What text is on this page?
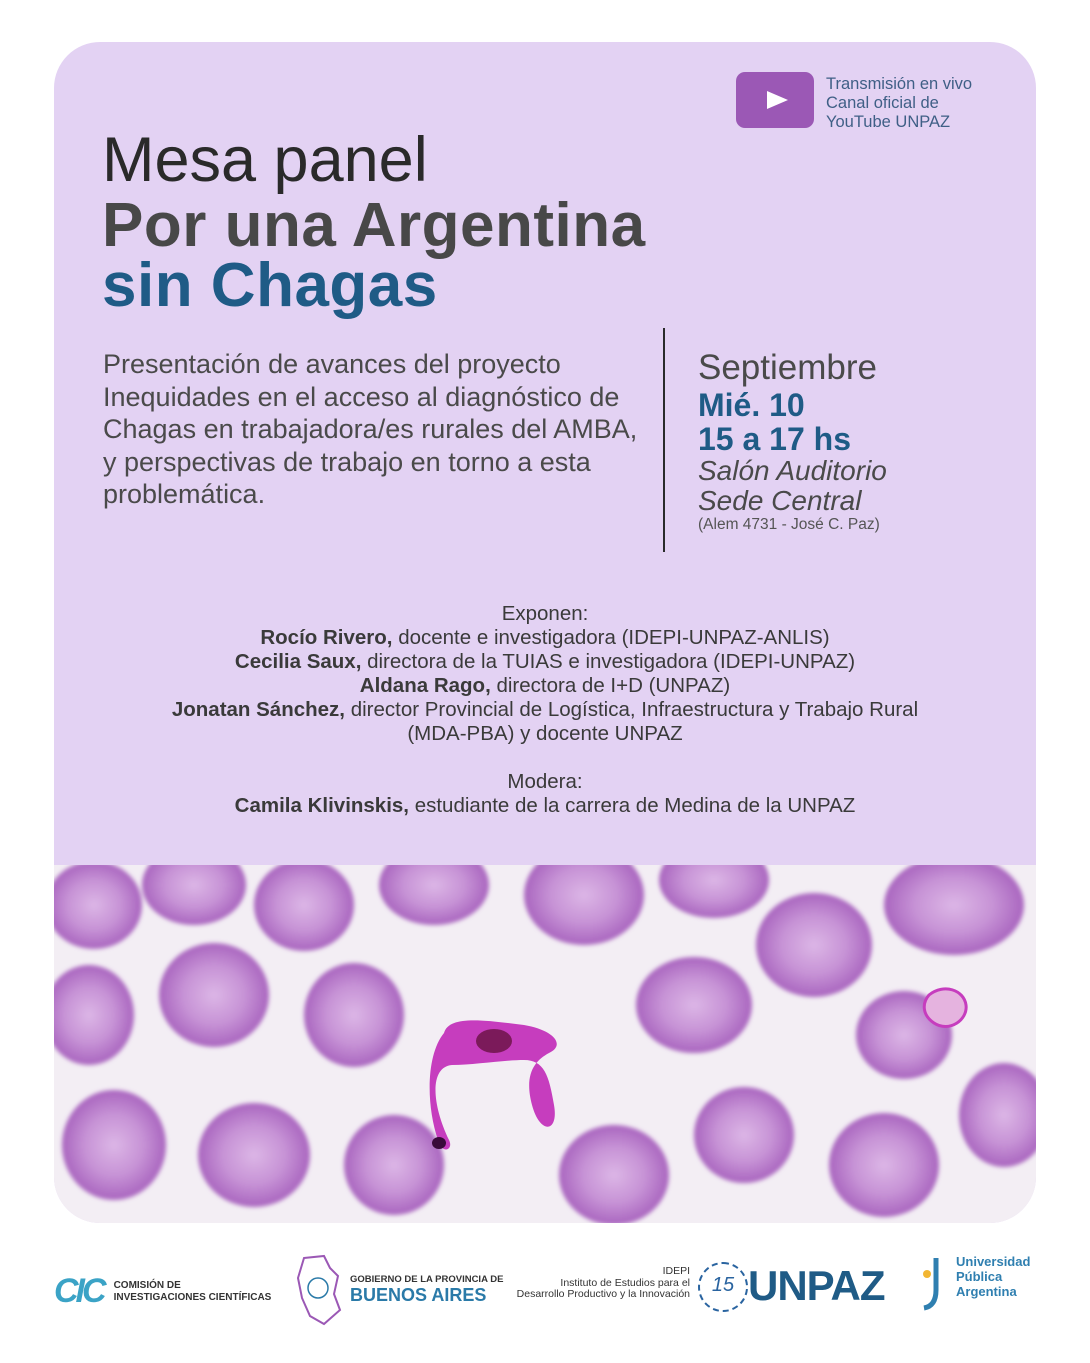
Transmisión en vivo
Canal oficial de
YouTube UNPAZ
Mesa panel
Por una Argentina
sin Chagas
Presentación de avances del proyecto Inequidades en el acceso al diagnóstico de Chagas en trabajadora/es rurales del AMBA, y perspectivas de trabajo en torno a esta problemática.
Septiembre
Mié. 10
15 a 17 hs
Salón Auditorio
Sede Central
(Alem 4731 - José C. Paz)
Exponen:
Rocío Rivero, docente e investigadora (IDEPI-UNPAZ-ANLIS)
Cecilia Saux, directora de la TUIAS e investigadora (IDEPI-UNPAZ)
Aldana Rago, directora de I+D (UNPAZ)
Jonatan Sánchez, director Provincial de Logística, Infraestructura y Trabajo Rural
(MDA-PBA) y docente UNPAZ
Modera:
Camila Klivinskis, estudiante de la carrera de Medina de la UNPAZ
CIC COMISIÓN DE
INVESTIGACIONES CIENTÍFICAS
GOBIERNO DE LA PROVINCIA DE
BUENOS AIRES
IDEPI
Instituto de Estudios para el
Desarrollo Productivo y la Innovación	15 UNPAZ
Universidad
Pública
Argentina
